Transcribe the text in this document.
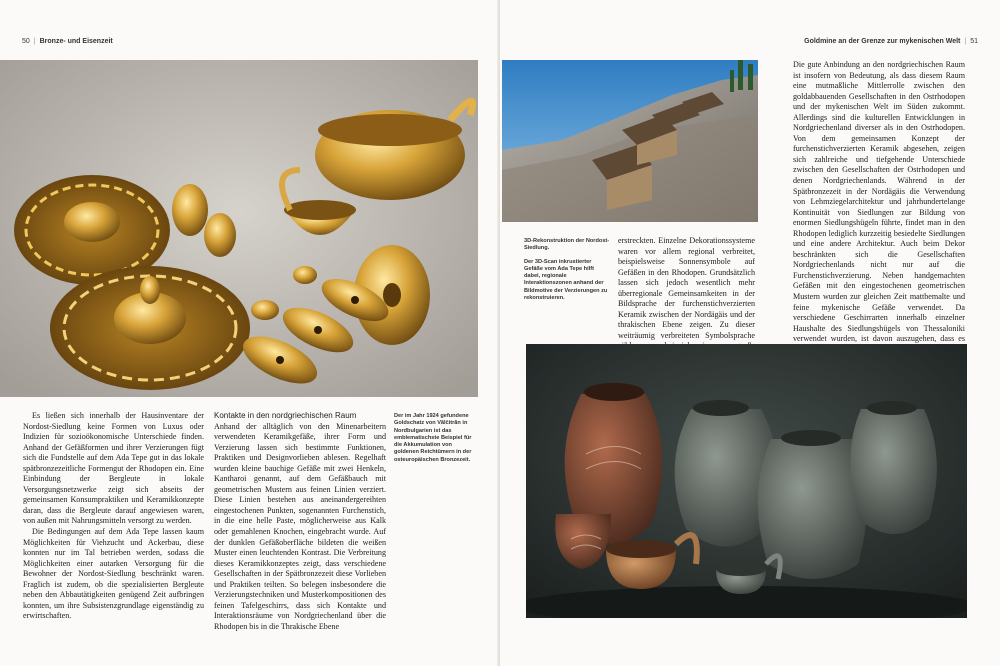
50 | Bronze- und Eisenzeit

Es ließen sich innerhalb der Hausinventare der Nordost-Siedlung keine Formen von Luxus oder Indizien für sozioökonomische Unterschiede finden. Anhand der Gefäßformen und ihrer Verzierungen fügt sich die Fundstelle auf dem Ada Tepe gut in das lokale spätbronzezeitliche Formengut der Rhodopen ein. Eine Einbindung der Bergleute in lokale Versorgungsnetzwerke zeigt sich abseits der gemeinsamen Konsumpraktiken und Keramikkonzepte daran, dass die Bergleute darauf angewiesen waren, von außen mit Nahrungsmitteln versorgt zu werden.

Die Bedingungen auf dem Ada Tepe lassen kaum Möglichkeiten für Viehzucht und Ackerbau, diese konnten nur im Tal betrieben werden, sodass die Möglichkeiten einer autarken Versorgung für die Bewohner der Nordost-Siedlung beschränkt waren. Fraglich ist zudem, ob die spezialisierten Bergleute neben den Abbautätigkeiten genügend Zeit aufbringen konnten, um ihre Subsistenzgrundlage eigenständig zu erwirtschaften.

Kontakte in den nordgriechischen Raum

Anhand der alltäglich von den Minenarbeitern verwendeten Keramikgefäße, ihrer Form und Verzierung lassen sich bestimmte Funktionen, Praktiken und Designvorlieben ablesen. Regelhaft wurden kleine bauchige Gefäße mit zwei Henkeln, Kantharoi genannt, auf dem Gefäßbauch mit geometrischen Mustern aus feinen Linien verziert. Diese Linien bestehen aus aneinandergereihten eingestochenen Punkten, sogenannten Furchenstich, in die eine helle Paste, möglicherweise aus Kalk oder gemahlenen Knochen, eingebracht wurde. Auf der dunklen Gefäßoberfläche bildeten die weißen Muster einen leuchtenden Kontrast. Die Verbreitung dieses Keramikkonzeptes zeigt, dass verschiedene Gesellschaften in der Spätbronzezeit diese Vorlieben und Praktiken teilten. So belegen insbesondere die Verzierungstechniken und Musterkompositionen des feinen Tafelgeschirrs, dass sich Kontakte und Interaktionsräume von Nordgriechenland über die Rhodopen bis in die Thrakische Ebene

Der im Jahr 1924 gefundene Goldschatz von Vălčitrăn in Nordbulgarien ist das emblematischste Beispiel für die Akkumulation von goldenen Reichtümern in der osteuropäischen Bronzezeit.

Goldmine an der Grenze zur mykenischen Welt | 51

3D-Rekonstruktion der Nordost-Siedlung.

Der 3D-Scan inkrustierter Gefäße vom Ada Tepe hilft dabei, regionale Interaktionszonen anhand der Bildmotive der Verzierungen zu rekonstruieren.

erstreckten. Einzelne Dekorationssysteme waren vor allem regional verbreitet, beispielsweise Sonnensymbole auf Gefäßen in den Rhodopen. Grundsätzlich lassen sich jedoch wesentlich mehr überregionale Gemeinsamkeiten in der Bildsprache der furchenstichverzierten Keramik zwischen der Nordägäis und der thrakischen Ebene zeigen. Zu dieser weiträumig verbreiteten Symbolsprache

Die gute Anbindung an den nordgriechischen Raum ist insofern von Bedeutung, als dass diesem Raum eine mutmaßliche Mittlerrolle zwischen den goldabbauenden Gesellschaften in den Ostrhodopen und der mykenischen Welt im Süden zukommt. Allerdings sind die kulturellen Entwicklungen in Nordgriechenland diverser als in den Ostrhodopen. Von dem gemeinsamen Konzept der furchenstichverzierten Keramik abgesehen, zeigen sich zahlreiche und tiefgehende Unterschiede zwischen den Gesellschaften der Ostrhodopen und denen Nordgriechenlands. Während in der Spätbronzezeit in der Nordägäis die Verwendung von Lehmziegelarchitektur und jahrhundertelange Kontinuität von Siedlungen zur Bildung von enormen Siedlungshügeln führte, findet man in den Rhodopen lediglich kurzzeitig besiedelte Siedlungen und eine andere Architektur. Auch beim Dekor beschränkten sich die Gesellschaften Nordgriechenlands nicht nur auf die Furchenstichverzierung. Neben handgemachten Gefäßen mit den eingestochenen geometrischen Mustern wurden zur gleichen Zeit mattbemalte und feine mykenische Gefäße verwendet. Da verschiedene Geschirrarten innerhalb einzelner Haushalte des Siedlungshügels von Thessaloniki verwendet wurden, ist davon auszugehen, dass es
